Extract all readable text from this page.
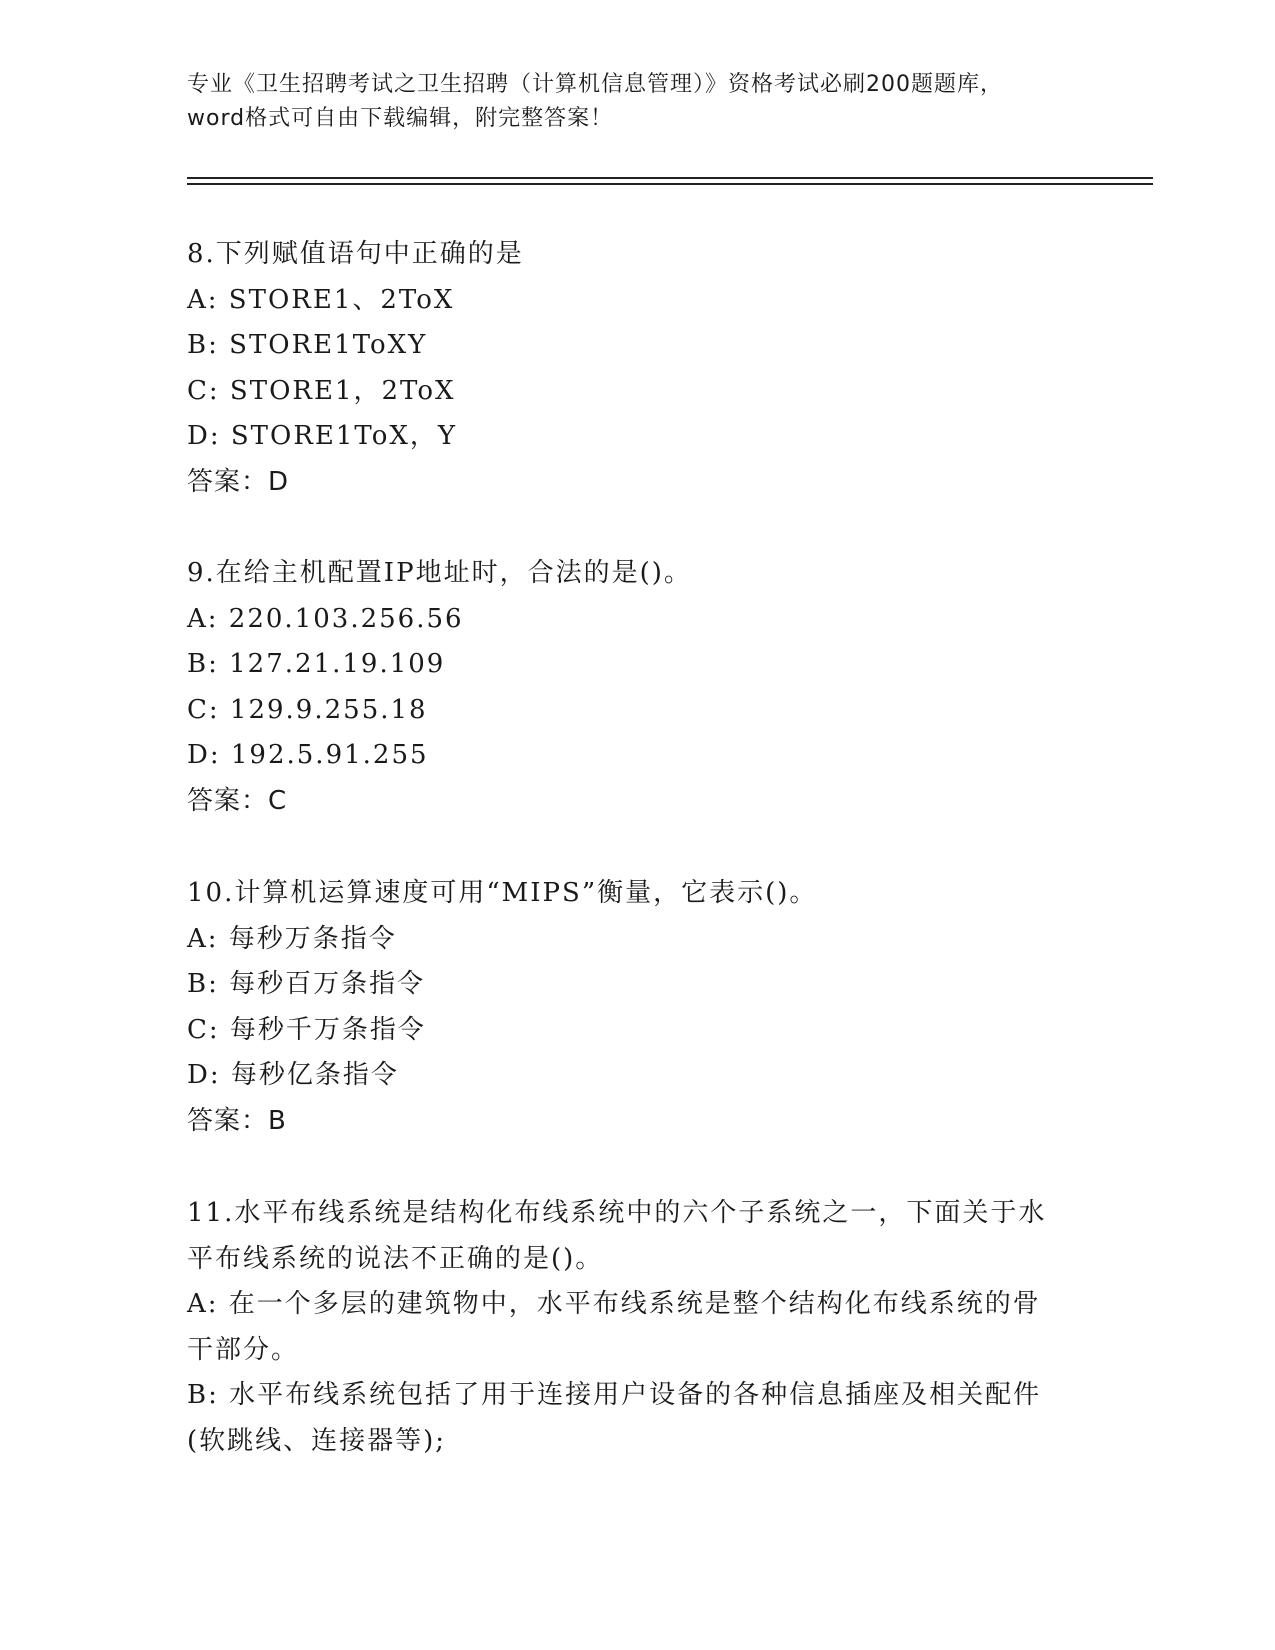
专业《卫生招聘考试之卫生招聘（计算机信息管理）》资格考试必刷200题题库，
word格式可自由下载编辑，附完整答案！
8.下列赋值语句中正确的是
A: STORE1、2ToX
B: STORE1ToXY
C: STORE1，2ToX
D: STORE1ToX，Y
答案：D
9.在给主机配置IP地址时，合法的是()。
A: 220.103.256.56
B: 127.21.19.109
C: 129.9.255.18
D: 192.5.91.255
答案：C
10.计算机运算速度可用“MIPS”衡量，它表示()。
A: 每秒万条指令
B: 每秒百万条指令
C: 每秒千万条指令
D: 每秒亿条指令
答案：B
11.水平布线系统是结构化布线系统中的六个子系统之一，下面关于水平布线系统的说法不正确的是()。
A: 在一个多层的建筑物中，水平布线系统是整个结构化布线系统的骨干部分。
B: 水平布线系统包括了用于连接用户设备的各种信息插座及相关配件(软跳线、连接器等);
